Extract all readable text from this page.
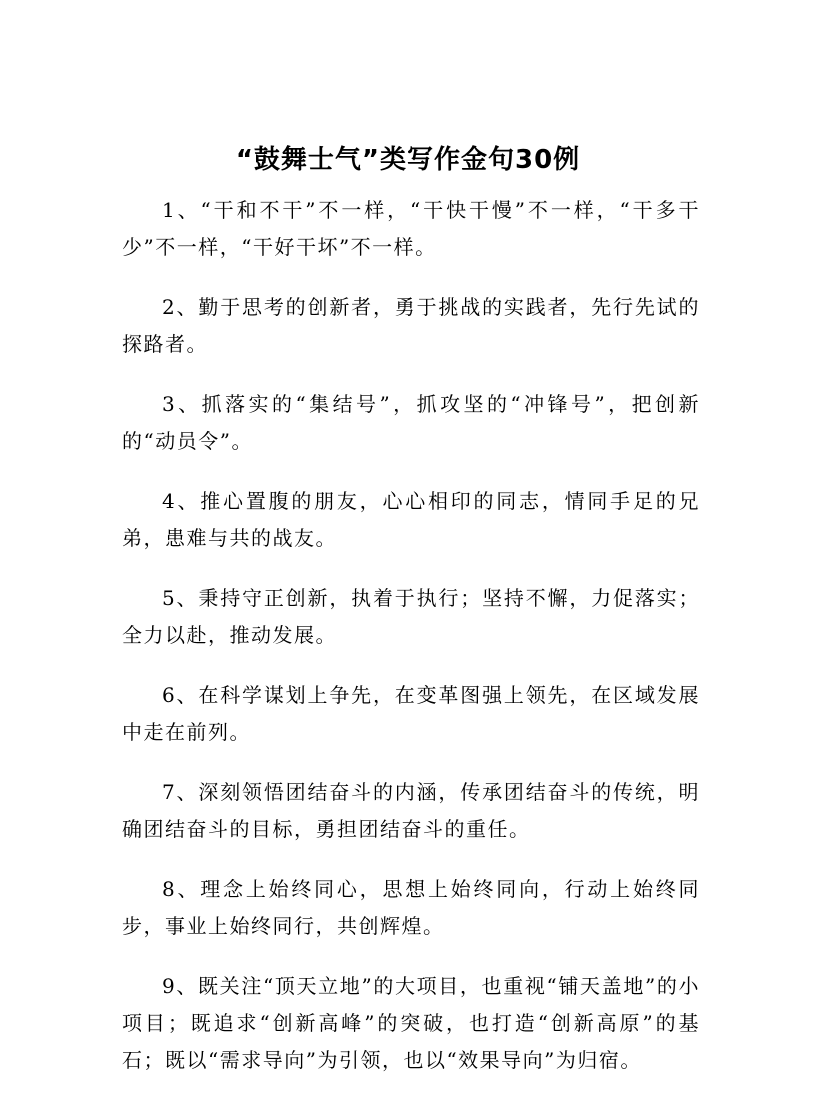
“鼓舞士气”类写作金句30例

1、“干和不干”不一样，“干快干慢”不一样，“干多干少”不一样，“干好干坏”不一样。

2、勤于思考的创新者，勇于挑战的实践者，先行先试的探路者。

3、抓落实的“集结号”，抓攻坚的“冲锋号”，把创新的“动员令”。

4、推心置腹的朋友，心心相印的同志，情同手足的兄弟，患难与共的战友。

5、秉持守正创新，执着于执行；坚持不懈，力促落实；全力以赴，推动发展。

6、在科学谋划上争先，在变革图强上领先，在区域发展中走在前列。

7、深刻领悟团结奋斗的内涵，传承团结奋斗的传统，明确团结奋斗的目标，勇担团结奋斗的重任。

8、理念上始终同心，思想上始终同向，行动上始终同步，事业上始终同行，共创辉煌。

9、既关注“顶天立地”的大项目，也重视“铺天盖地”的小项目；既追求“创新高峰”的突破，也打造“创新高原”的基石；既以“需求导向”为引领，也以“效果导向”为归宿。
